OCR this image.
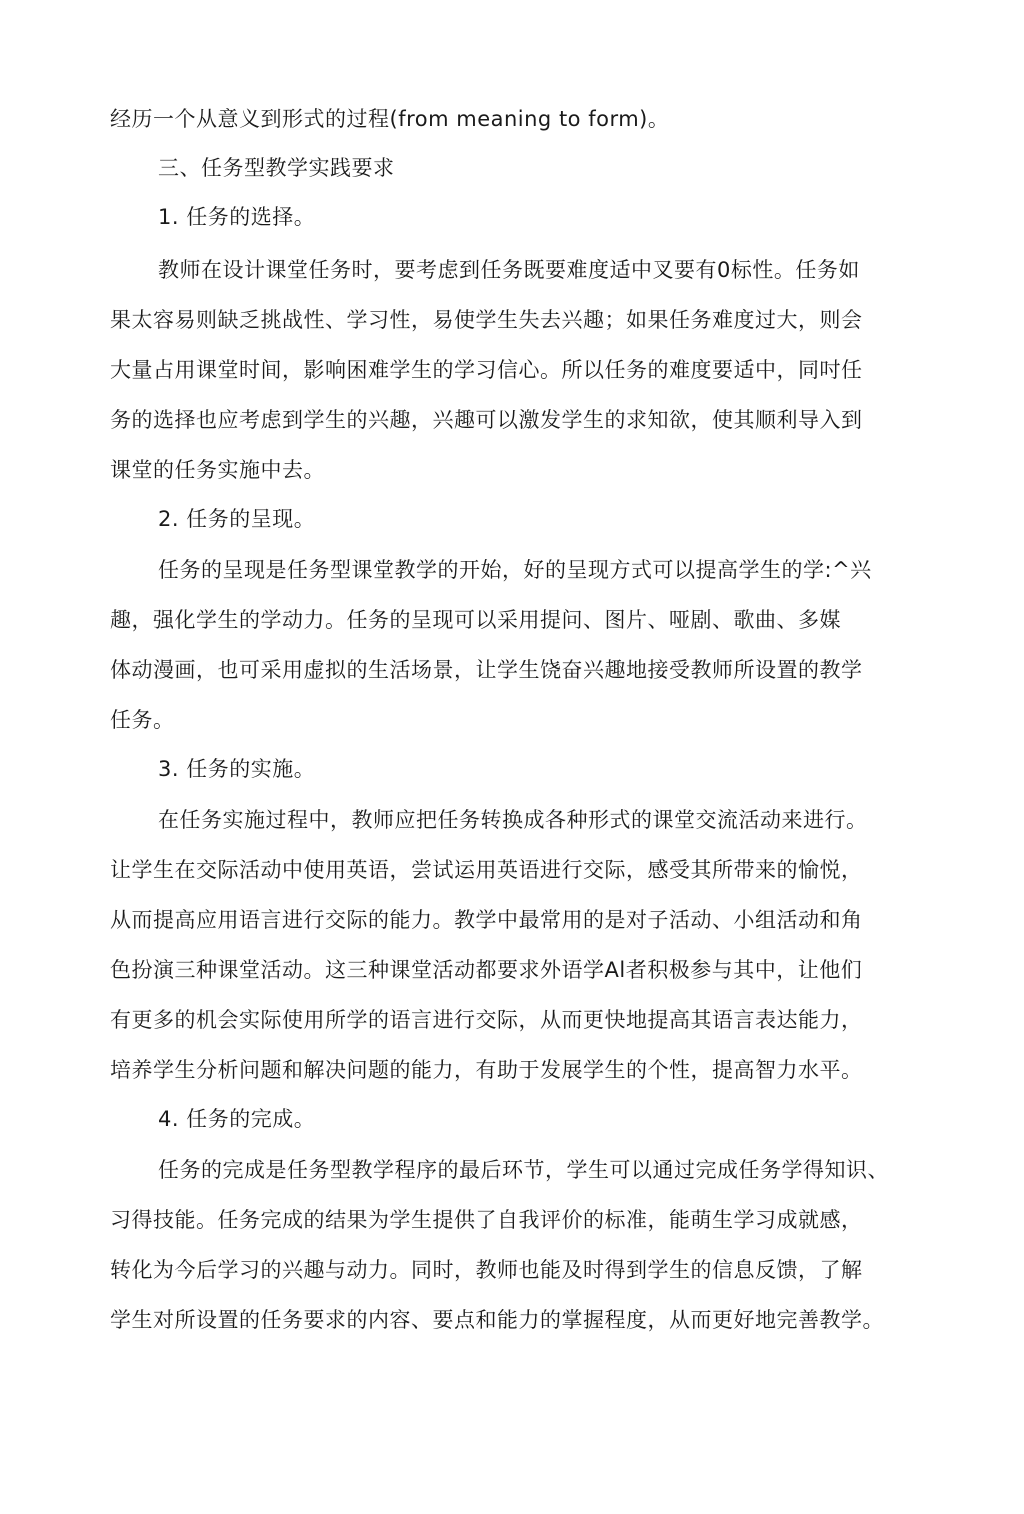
经历一个从意义到形式的过程(from meaning to form)。
三、任务型教学实践要求
1. 任务的选择。
教师在设计课堂任务时，要考虑到任务既要难度适中叉要有0标性。任务如
果太容易则缺乏挑战性、学习性，易使学生失去兴趣；如果任务难度过大，则会
大量占用课堂时间，影响困难学生的学习信心。所以任务的难度要适中，同吋任
务的选择也应考虑到学生的兴趣，兴趣可以激发学生的求知欲，使其顺利导入到
课堂的任务实施中去。
2. 任务的呈现。
任务的呈现是任务型课堂教学的开始，好的呈现方式可以提高学生的学:^兴
趣，强化学生的学动力。任务的呈现可以采用提问、图片、哑剧、歌曲、多媒
体动漫画，也可采用虚拟的生活场景，让学生饶奋兴趣地接受教师所设置的教学
任务。
3. 任务的实施。
在任务实施过程中，教师应把任务转换成各种形式的课堂交流活动来进行。
让学生在交际活动中使用英语，尝试运用英语进行交际，感受其所带来的愉悦，
从而提高应用语言进行交际的能力。教学中最常用的是对子活动、小组活动和角
色扮演三种课堂活动。这三种课堂活动都要求外语学Al者积极参与其中，让他们
有更多的机会实际使用所学的语言进行交际，从而更快地提高其语言表达能力，
培养学生分析问题和解决问题的能力，有助于发展学生的个性，提高智力水平。
4. 任务的完成。
任务的完成是任务型教学程序的最后环节，学生可以通过完成任务学得知识、
习得技能。任务完成的结果为学生提供了自我评价的标准，能萌生学习成就感，
转化为今后学习的兴趣与动力。同时，教师也能及时得到学生的信息反馈，了解
学生对所设置的任务要求的内容、要点和能力的掌握程度，从而更好地完善教学。
